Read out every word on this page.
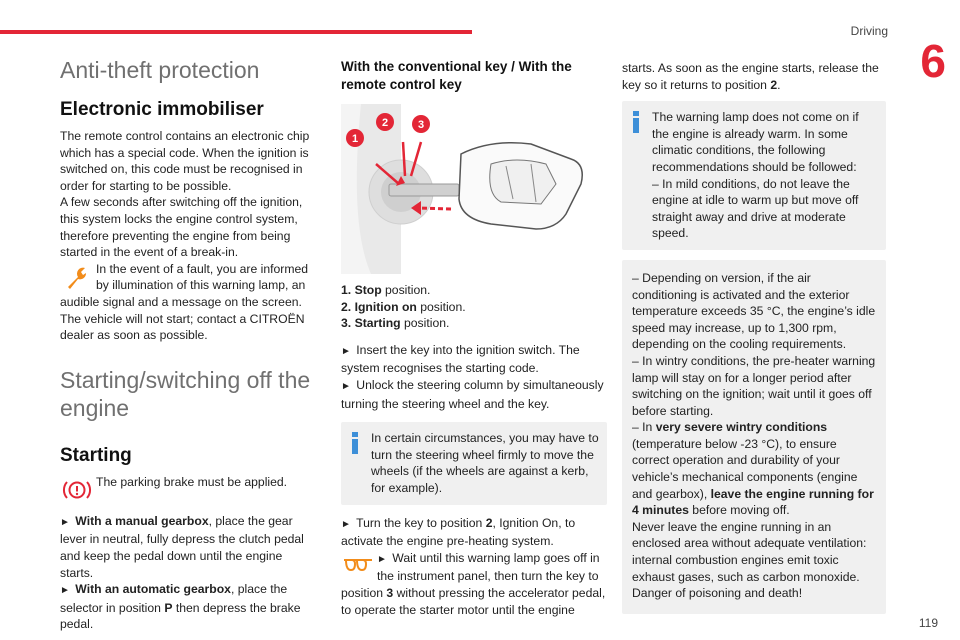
Driving
6
119
Anti-theft protection
Electronic immobiliser

The remote control contains an electronic chip which has a special code. When the ignition is switched on, this code must be recognised in order for starting to be possible.

A few seconds after switching off the ignition, this system locks the engine control system, therefore preventing the engine from being started in the event of a break-in.

In the event of a fault, you are informed by illumination of this warning lamp, an audible signal and a message on the screen.

The vehicle will not start; contact a CITROËN dealer as soon as possible.

Starting/switching off the engine
Starting

The parking brake must be applied.

► With a manual gearbox, place the gear lever in neutral, fully depress the clutch pedal and keep the pedal down until the engine starts.

► With an automatic gearbox, place the selector in position P then depress the brake pedal.

With the conventional key / With the remote control key
1
2	3

1. Stop position.

2. Ignition on position.

3. Starting position.

► Insert the key into the ignition switch. The system recognises the starting code.

► Unlock the steering column by simultaneously turning the steering wheel and the key.

In certain circumstances, you may have to turn the steering wheel firmly to move the wheels (if the wheels are against a kerb, for example).

► Turn the key to position 2, Ignition On, to activate the engine pre-heating system.

► Wait until this warning lamp goes off in the instrument panel, then turn the key to position 3 without pressing the accelerator pedal, to operate the starter motor until the engine

starts. As soon as the engine starts, release the key so it returns to position 2.

The warning lamp does not come on if the engine is already warm. In some climatic conditions, the following recommendations should be followed:

– In mild conditions, do not leave the engine at idle to warm up but move off straight away and drive at moderate speed.

– Depending on version, if the air conditioning is activated and the exterior temperature exceeds 35 °C, the engine’s idle speed may increase, up to 1,300 rpm, depending on the cooling requirements.

– In wintry conditions, the pre-heater warning lamp will stay on for a longer period after switching on the ignition; wait until it goes off before starting.

– In very severe wintry conditions (temperature below -23 °C), to ensure correct operation and durability of your vehicle’s mechanical components (engine and gearbox), leave the engine running for 4 minutes before moving off.

Never leave the engine running in an enclosed area without adequate ventilation: internal combustion engines emit toxic exhaust gases, such as carbon monoxide. Danger of poisoning and death!
